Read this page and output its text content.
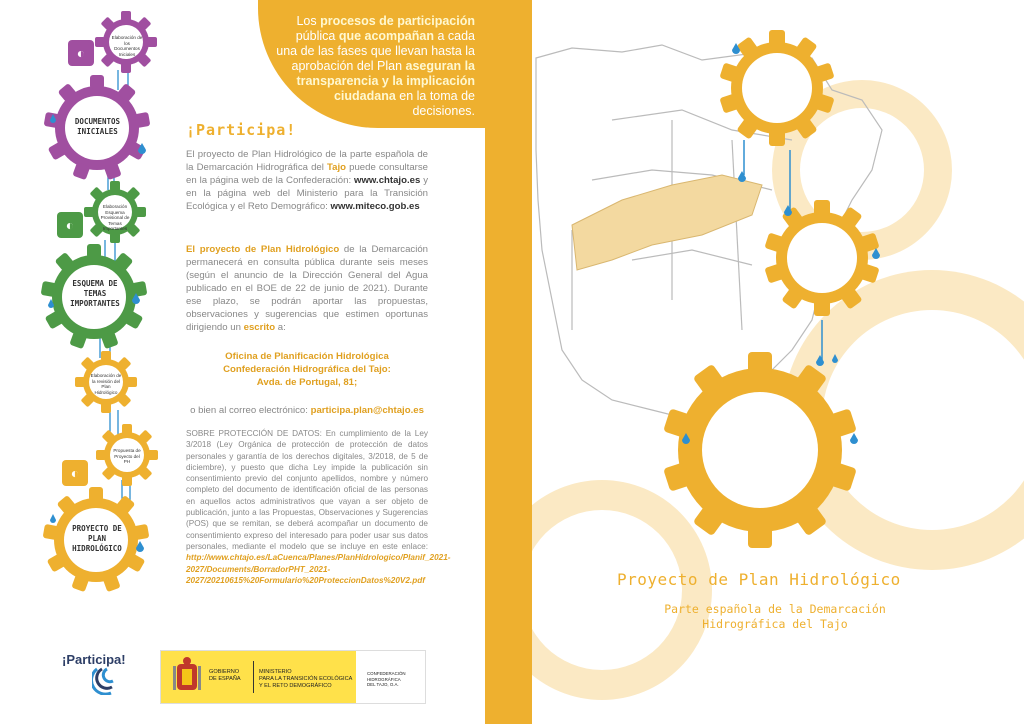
◐
◐
◐
Elaboración de los Documentos Iniciales
DOCUMENTOS INICIALES
Elaboración Esquema Provisional de Temas Importantes
ESQUEMA DE TEMAS IMPORTANTES
Elaboración de la revisión del Plan Hidrológico
Propuesta de Proyecto del PH
PROYECTO DE PLAN HIDROLÓGICO
¡Participa!
El proyecto de Plan Hidrológico de la parte española de la Demarcación Hidrográfica del Tajo puede consultarse en la página web de la Confederación: www.chtajo.es y en la página web del Ministerio para la Transición Ecológica y el Reto Demográfico: www.miteco.gob.es
El proyecto de Plan Hidrológico de la Demarcación permanecerá en consulta pública durante seis meses (según el anuncio de la Dirección General del Agua publicado en el BOE de 22 de junio de 2021). Durante ese plazo, se podrán aportar las propuestas, observaciones y sugerencias que estimen oportunas dirigiendo un escrito a:
Oficina de Planificación Hidrológica
Confederación Hidrográfica del Tajo:
Avda. de Portugal, 81;
o bien al correo electrónico: participa.plan@chtajo.es
SOBRE PROTECCIÓN DE DATOS: En cumplimiento de la Ley 3/2018 (Ley Orgánica de protección de protección de datos personales y garantía de los derechos digitales, 3/2018, de 5 de diciembre), y puesto que dicha Ley impide la publicación sin consentimiento previo del conjunto apellidos, nombre y número completo del documento de identificación oficial de las personas en aquellos actos administrativos que vayan a ser objeto de publicación, junto a las Propuestas, Observaciones y Sugerencias (POS) que se remitan, se deberá acompañar un documento de consentimiento expreso del interesado para poder usar sus datos personales, mediante el modelo que se incluye en este enlace: http://www.chtajo.es/LaCuenca/Planes/PlanHidrologico/Planif_2021-2027/Documents/BorradorPHT_2021-2027/20210615%20Formulario%20ProteccionDatos%20V2.pdf
¡Participa!
GOBIERNO
DE ESPAÑA
MINISTERIO
PARA LA TRANSICIÓN ECOLÓGICA
Y EL RETO DEMOGRÁFICO
CONFEDERACIÓN
HIDROGRÁFICA
DEL TAJO, O.A.
Los procesos de participación pública que acompañan a cada una de las fases que llevan hasta la aprobación del Plan aseguran la transparencia y la implicación ciudadana en la toma de decisiones.
Proyecto de Plan Hidrológico
Parte española de la Demarcación
Hidrográfica del Tajo
